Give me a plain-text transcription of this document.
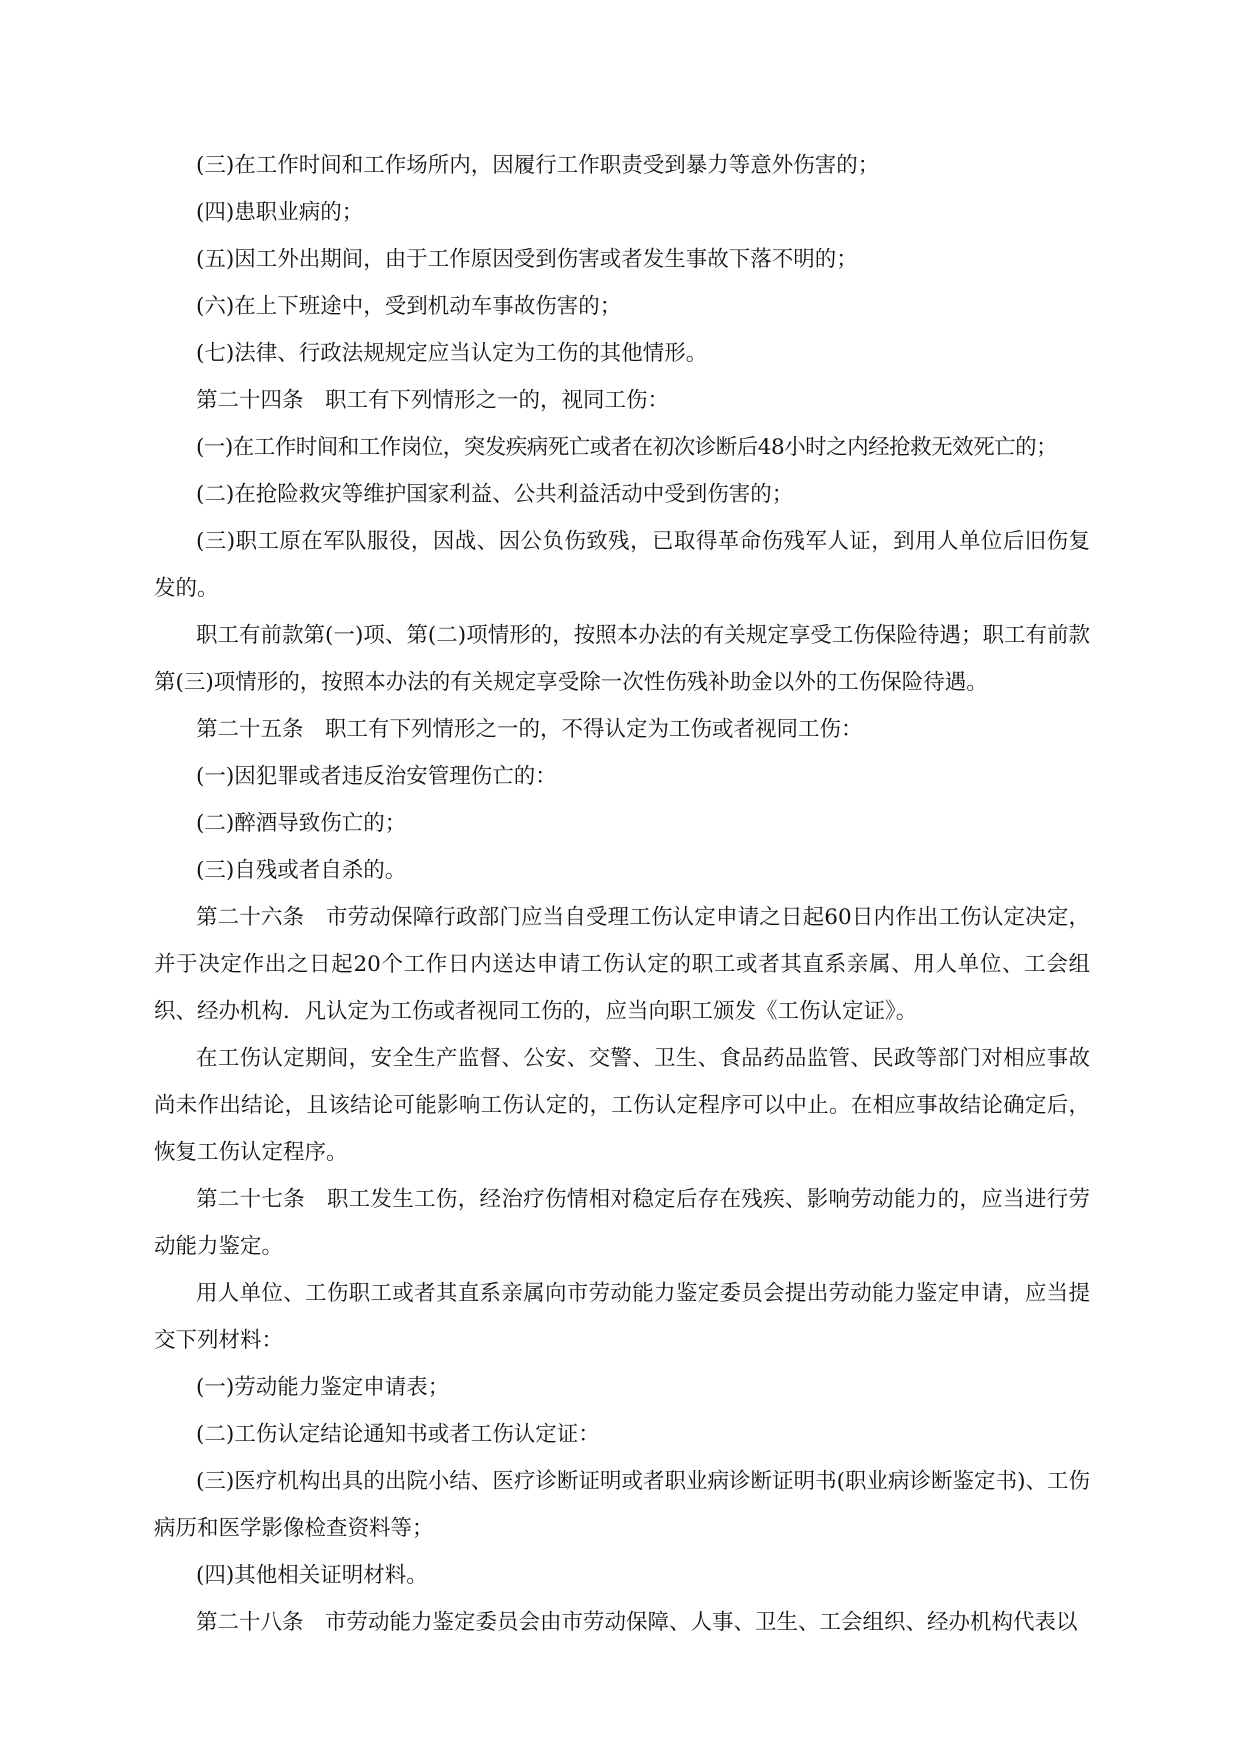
(三)在工作时间和工作场所内，因履行工作职责受到暴力等意外伤害的；

(四)患职业病的；

(五)因工外出期间，由于工作原因受到伤害或者发生事故下落不明的；

(六)在上下班途中，受到机动车事故伤害的；

(七)法律、行政法规规定应当认定为工伤的其他情形。

第二十四条　职工有下列情形之一的，视同工伤：

(一)在工作时间和工作岗位，突发疾病死亡或者在初次诊断后48小时之内经抢救无效死亡的；

(二)在抢险救灾等维护国家利益、公共利益活动中受到伤害的；

(三)职工原在军队服役，因战、因公负伤致残，已取得革命伤残军人证，到用人单位后旧伤复发的。

职工有前款第(一)项、第(二)项情形的，按照本办法的有关规定享受工伤保险待遇；职工有前款第(三)项情形的，按照本办法的有关规定享受除一次性伤残补助金以外的工伤保险待遇。

第二十五条　职工有下列情形之一的，不得认定为工伤或者视同工伤：

(一)因犯罪或者违反治安管理伤亡的：

(二)醉酒导致伤亡的；

(三)自残或者自杀的。

第二十六条　市劳动保障行政部门应当自受理工伤认定申请之日起60日内作出工伤认定决定，并于决定作出之日起20个工作日内送达申请工伤认定的职工或者其直系亲属、用人单位、工会组织、经办机构．凡认定为工伤或者视同工伤的，应当向职工颁发《工伤认定证》。

在工伤认定期间，安全生产监督、公安、交警、卫生、食品药品监管、民政等部门对相应事故尚未作出结论，且该结论可能影响工伤认定的，工伤认定程序可以中止。在相应事故结论确定后，恢复工伤认定程序。

第二十七条　职工发生工伤，经治疗伤情相对稳定后存在残疾、影响劳动能力的，应当进行劳动能力鉴定。

用人单位、工伤职工或者其直系亲属向市劳动能力鉴定委员会提出劳动能力鉴定申请，应当提交下列材料：

(一)劳动能力鉴定申请表；

(二)工伤认定结论通知书或者工伤认定证：

(三)医疗机构出具的出院小结、医疗诊断证明或者职业病诊断证明书(职业病诊断鉴定书)、工伤病历和医学影像检查资料等；

(四)其他相关证明材料。

第二十八条　市劳动能力鉴定委员会由市劳动保障、人事、卫生、工会组织、经办机构代表以
